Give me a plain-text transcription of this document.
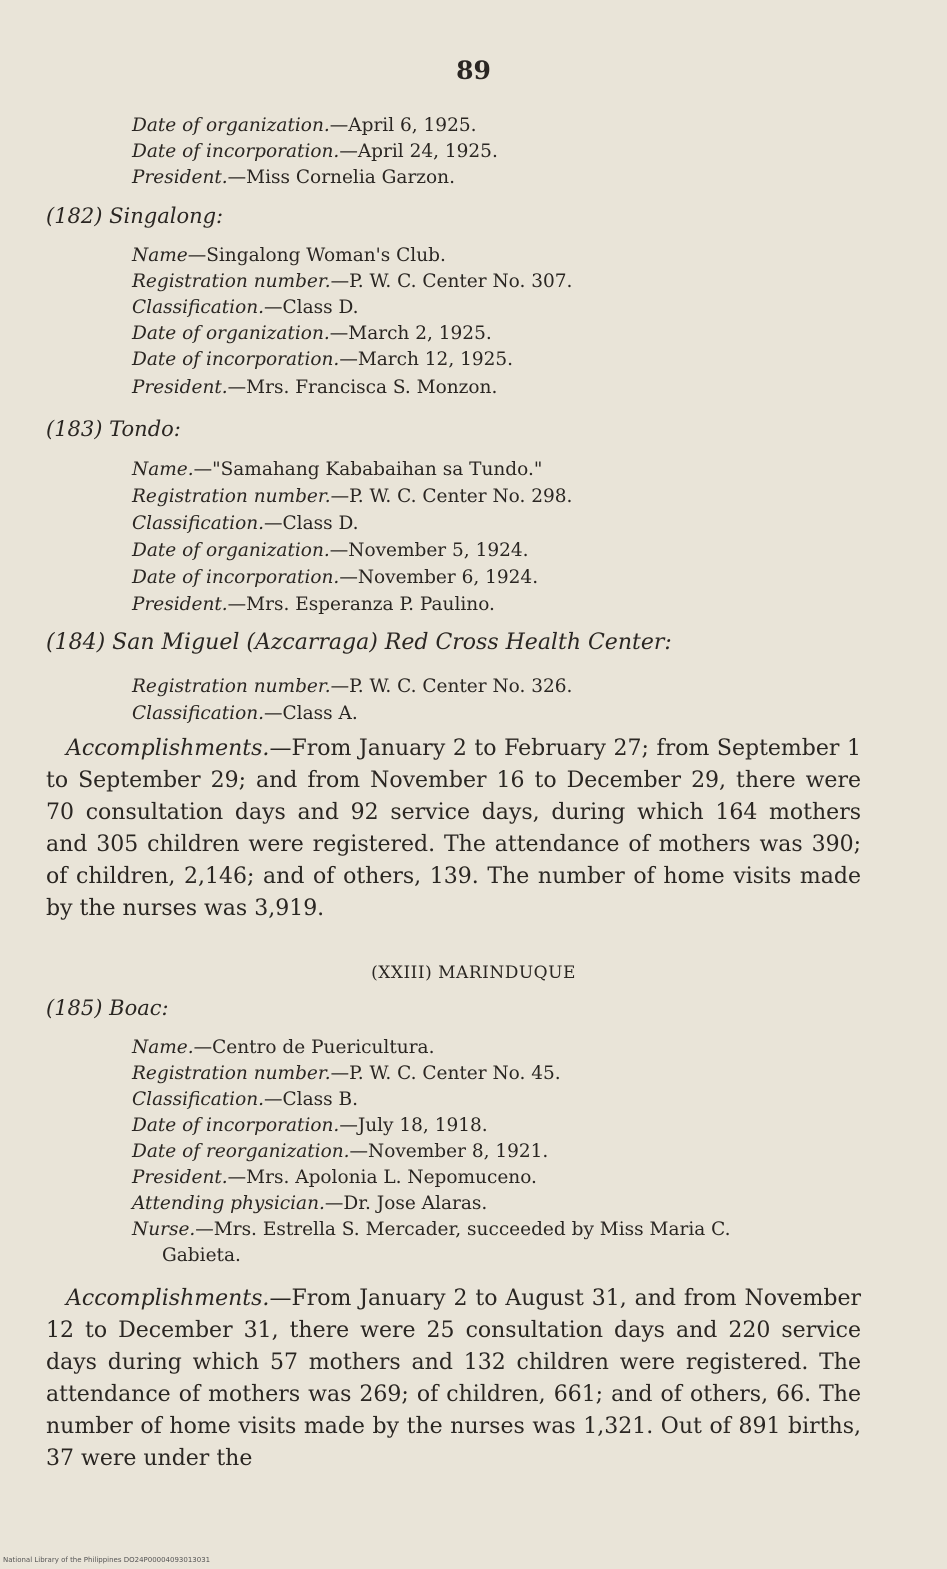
89
Date of organization.—April 6, 1925.
Date of incorporation.—April 24, 1925.
President.—Miss Cornelia Garzon.
(182) Singalong:
Name—Singalong Woman's Club.
Registration number.—P. W. C. Center No. 307.
Classification.—Class D.
Date of organization.—March 2, 1925.
Date of incorporation.—March 12, 1925.
President.—Mrs. Francisca S. Monzon.
(183) Tondo:
Name.—"Samahang Kababaihan sa Tundo."
Registration number.—P. W. C. Center No. 298.
Classification.—Class D.
Date of organization.—November 5, 1924.
Date of incorporation.—November 6, 1924.
President.—Mrs. Esperanza P. Paulino.
(184) San Miguel (Azcarraga) Red Cross Health Center:
Registration number.—P. W. C. Center No. 326.
Classification.—Class A.
Accomplishments.—From January 2 to February 27; from September 1 to September 29; and from November 16 to December 29, there were 70 consultation days and 92 service days, during which 164 mothers and 305 children were registered. The attendance of mothers was 390; of children, 2,146; and of others, 139. The number of home visits made by the nurses was 3,919.
(XXIII) MARINDUQUE
(185) Boac:
Name.—Centro de Puericultura.
Registration number.—P. W. C. Center No. 45.
Classification.—Class B.
Date of incorporation.—July 18, 1918.
Date of reorganization.—November 8, 1921.
President.—Mrs. Apolonia L. Nepomuceno.
Attending physician.—Dr. Jose Alaras.
Nurse.—Mrs. Estrella S. Mercader, succeeded by Miss Maria C.
Gabieta.
Accomplishments.—From January 2 to August 31, and from November 12 to December 31, there were 25 consultation days and 220 service days during which 57 mothers and 132 children were registered. The attendance of mothers was 269; of children, 661; and of others, 66. The number of home visits made by the nurses was 1,321. Out of 891 births, 37 were under the
National Library of the Philippines DO24P00004093013031
